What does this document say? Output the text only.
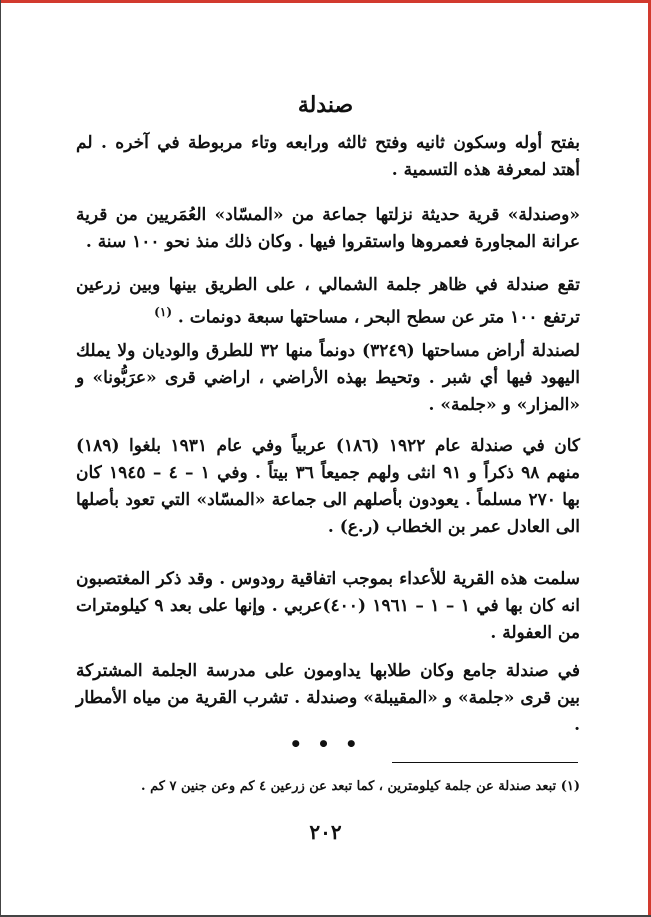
صندلة

بفتح أوله وسكون ثانيه وفتح ثالثه ورابعه وتاء مربوطة في آخره . لم أهتد لمعرفة هذه التسمية .

«وصندلة» قرية حديثة نزلتها جماعة من «المسّاد» العُمَريين من قرية عرانة المجاورة فعمروها واستقروا فيها . وكان ذلك منذ نحو ١٠٠ سنة .

تقع صندلة في ظاهر جلمة الشمالي ، على الطريق بينها وبين زرعين ترتفع ١٠٠ متر عن سطح البحر ، مساحتها سبعة دونمات . $^{(١)}$

لصندلة أراض مساحتها (٣٢٤٩) دونماً منها ٣٢ للطرق والوديان ولا يملك اليهود فيها أي شبر . وتحيط بهذه الأراضي ، اراضي قرى «عرَبُّونا» و «المزار» و «جلمة» .

كان في صندلة عام ١٩٢٢ (١٨٦) عربياً وفي عام ١٩٣١ بلغوا (١٨٩) منهم ٩٨ ذكراً و ٩١ انثى ولهم جميعاً ٣٦ بيتاً . وفي ١ – ٤ – ١٩٤٥ كان بها ٢٧٠ مسلماً . يعودون بأصلهم الى جماعة «المسّاد» التي تعود بأصلها الى العادل عمر بن الخطاب (ر.ع) .

سلمت هذه القرية للأعداء بموجب اتفاقية رودوس . وقد ذكر المغتصبون انه كان بها في ١ – ١ – ١٩٦١ (٤٠٠)عربي . وإنها على بعد ٩ كيلومترات من العفولة .

في صندلة جامع وكان طلابها يداومون على مدرسة الجلمة المشتركة بين قرى «جلمة» و «المقيبلة» وصندلة . تشرب القرية من مياه الأمطار .

• • •

(١) تبعد صندلة عن جلمة كيلومترين ، كما تبعد عن زرعين ٤ كم وعن جنين ٧ كم .

٢٠٢
